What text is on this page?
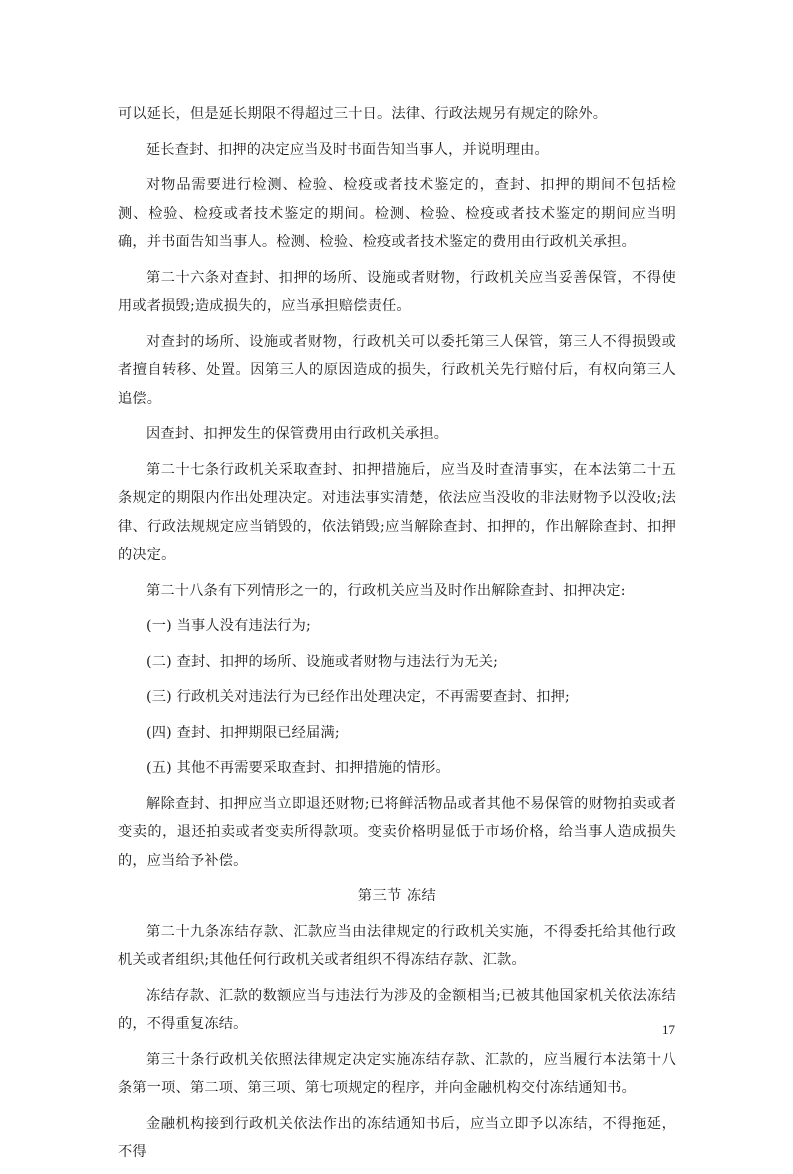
可以延长，但是延长期限不得超过三十日。法律、行政法规另有规定的除外。

延长查封、扣押的决定应当及时书面告知当事人，并说明理由。

对物品需要进行检测、检验、检疫或者技术鉴定的，查封、扣押的期间不包括检测、检验、检疫或者技术鉴定的期间。检测、检验、检疫或者技术鉴定的期间应当明确，并书面告知当事人。检测、检验、检疫或者技术鉴定的费用由行政机关承担。

第二十六条对查封、扣押的场所、设施或者财物，行政机关应当妥善保管，不得使用或者损毁;造成损失的，应当承担赔偿责任。

对查封的场所、设施或者财物，行政机关可以委托第三人保管，第三人不得损毁或者擅自转移、处置。因第三人的原因造成的损失，行政机关先行赔付后，有权向第三人追偿。

因查封、扣押发生的保管费用由行政机关承担。

第二十七条行政机关采取查封、扣押措施后，应当及时查清事实，在本法第二十五条规定的期限内作出处理决定。对违法事实清楚，依法应当没收的非法财物予以没收;法律、行政法规规定应当销毁的，依法销毁;应当解除查封、扣押的，作出解除查封、扣押的决定。

第二十八条有下列情形之一的，行政机关应当及时作出解除查封、扣押决定:

(一) 当事人没有违法行为;

(二) 查封、扣押的场所、设施或者财物与违法行为无关;

(三) 行政机关对违法行为已经作出处理决定，不再需要查封、扣押;

(四) 查封、扣押期限已经届满;

(五) 其他不再需要采取查封、扣押措施的情形。

解除查封、扣押应当立即退还财物;已将鲜活物品或者其他不易保管的财物拍卖或者变卖的，退还拍卖或者变卖所得款项。变卖价格明显低于市场价格，给当事人造成损失的，应当给予补偿。

第三节 冻结

第二十九条冻结存款、汇款应当由法律规定的行政机关实施，不得委托给其他行政机关或者组织;其他任何行政机关或者组织不得冻结存款、汇款。

冻结存款、汇款的数额应当与违法行为涉及的金额相当;已被其他国家机关依法冻结的，不得重复冻结。

第三十条行政机关依照法律规定决定实施冻结存款、汇款的，应当履行本法第十八条第一项、第二项、第三项、第七项规定的程序，并向金融机构交付冻结通知书。

金融机构接到行政机关依法作出的冻结通知书后，应当立即予以冻结，不得拖延，不得

17
